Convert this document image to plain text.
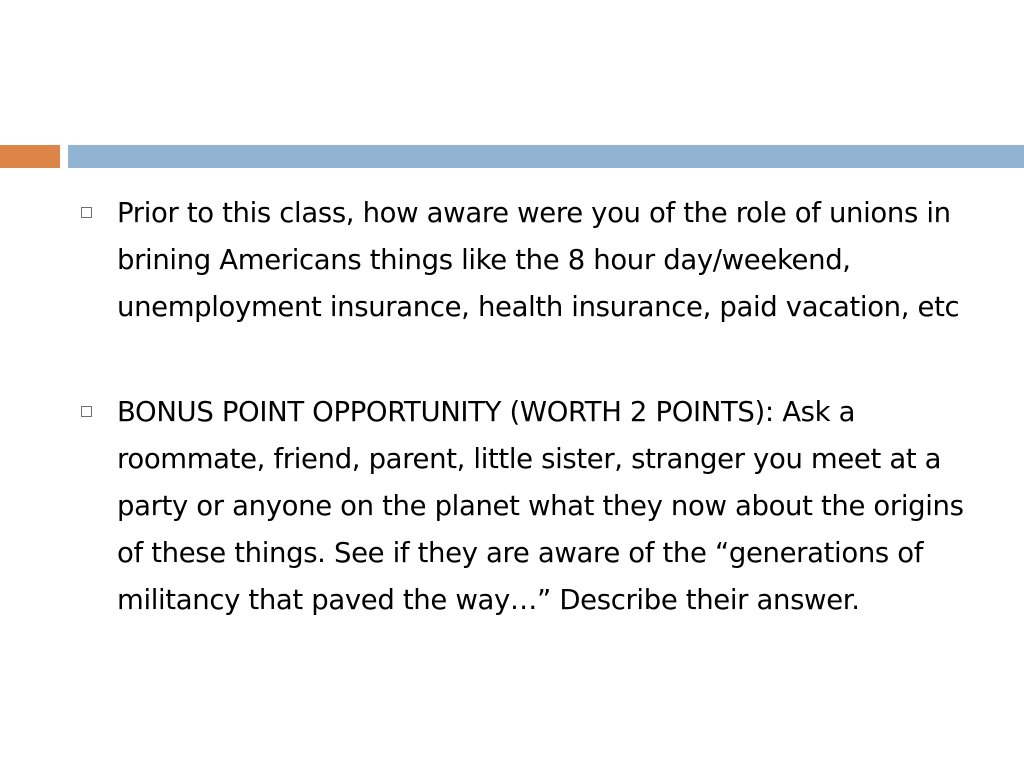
Prior to this class, how aware were you of the role of unions in brining Americans things like the 8 hour day/weekend, unemployment insurance, health insurance, paid vacation, etc
BONUS POINT OPPORTUNITY (WORTH 2 POINTS): Ask a roommate, friend, parent, little sister, stranger you meet at a party or anyone on the planet what they now about the origins of these things. See if they are aware of the “generations of militancy that paved the way…” Describe their answer.
